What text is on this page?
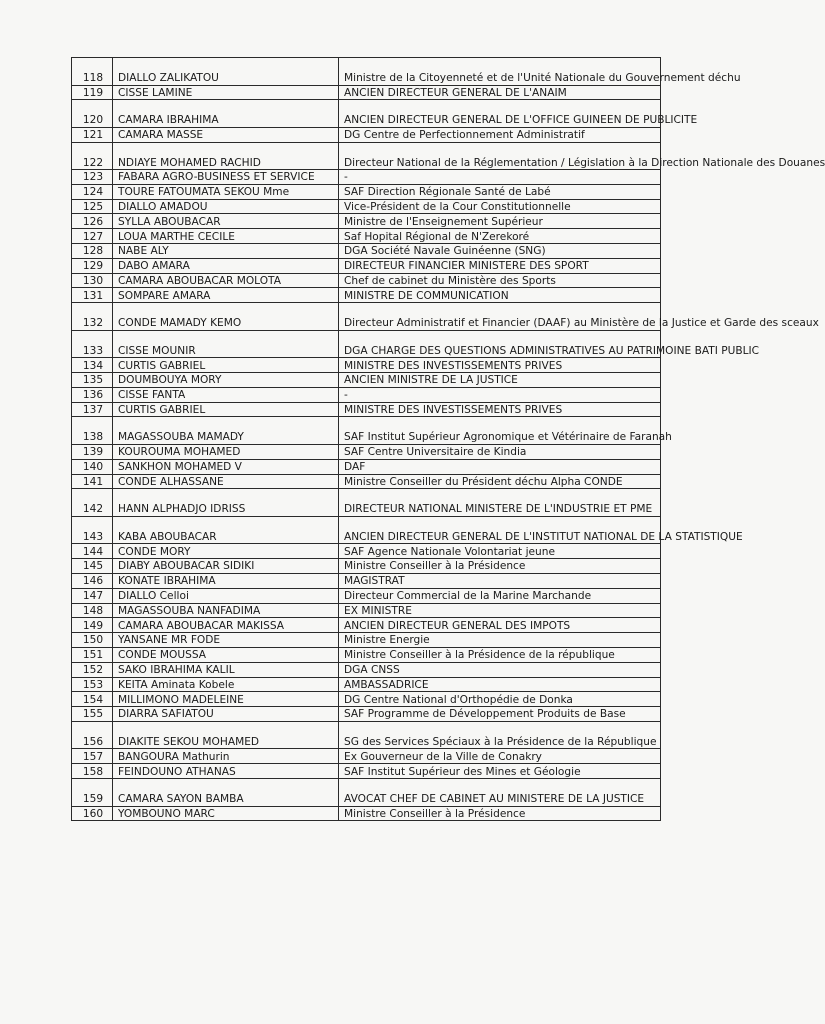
118	DIALLO ZALIKATOU	Ministre de la Citoyenneté et de l'Unité Nationale du Gouvernement déchu
119	CISSE LAMINE	ANCIEN DIRECTEUR GENERAL DE L'ANAIM
120	CAMARA IBRAHIMA	ANCIEN DIRECTEUR GENERAL DE L'OFFICE GUINEEN DE PUBLICITE
121	CAMARA MASSE	DG Centre de Perfectionnement Administratif
122	NDIAYE MOHAMED RACHID	Directeur National de la Réglementation / Législation à la Direction Nationale des Douanes
123	FABARA AGRO-BUSINESS ET SERVICE	-
124	TOURE FATOUMATA SEKOU Mme	SAF Direction Régionale Santé de Labé
125	DIALLO AMADOU	Vice-Président de la Cour Constitutionnelle
126	SYLLA ABOUBACAR	Ministre de l'Enseignement Supérieur
127	LOUA MARTHE CECILE	Saf Hopital Régional de N'Zerekoré
128	NABE ALY	DGA Société Navale Guinéenne (SNG)
129	DABO AMARA	DIRECTEUR FINANCIER MINISTERE DES SPORT
130	CAMARA ABOUBACAR MOLOTA	Chef de cabinet du Ministère des Sports
131	SOMPARE AMARA	MINISTRE DE COMMUNICATION
132	CONDE MAMADY KEMO	Directeur Administratif et Financier (DAAF) au Ministère de la Justice et Garde des sceaux
133	CISSE MOUNIR	DGA CHARGE DES QUESTIONS ADMINISTRATIVES AU PATRIMOINE BATI PUBLIC
134	CURTIS GABRIEL	MINISTRE DES INVESTISSEMENTS PRIVES
135	DOUMBOUYA MORY	ANCIEN MINISTRE DE LA JUSTICE
136	CISSE FANTA	-
137	CURTIS GABRIEL	MINISTRE DES INVESTISSEMENTS PRIVES
138	MAGASSOUBA MAMADY	SAF Institut Supérieur Agronomique et Vétérinaire de Faranah
139	KOUROUMA MOHAMED	SAF Centre Universitaire de Kindia
140	SANKHON MOHAMED V	DAF
141	CONDE ALHASSANE	Ministre Conseiller du Président déchu Alpha CONDE
142	HANN ALPHADJO IDRISS	DIRECTEUR NATIONAL MINISTERE DE L'INDUSTRIE ET PME
143	KABA ABOUBACAR	ANCIEN DIRECTEUR GENERAL DE L'INSTITUT NATIONAL DE LA STATISTIQUE
144	CONDE MORY	SAF Agence Nationale Volontariat jeune
145	DIABY ABOUBACAR SIDIKI	Ministre Conseiller à la Présidence
146	KONATE IBRAHIMA	MAGISTRAT
147	DIALLO Celloi	Directeur Commercial de la Marine Marchande
148	MAGASSOUBA NANFADIMA	EX MINISTRE
149	CAMARA ABOUBACAR MAKISSA	ANCIEN DIRECTEUR GENERAL DES IMPOTS
150	YANSANE MR FODE	Ministre Energie
151	CONDE MOUSSA	Ministre Conseiller à la Présidence de la république
152	SAKO IBRAHIMA KALIL	DGA CNSS
153	KEITA Aminata Kobele	AMBASSADRICE
154	MILLIMONO MADELEINE	DG Centre National d'Orthopédie de Donka
155	DIARRA SAFIATOU	SAF Programme de Développement Produits de Base
156	DIAKITE SEKOU MOHAMED	SG des Services Spéciaux à la Présidence de la République
157	BANGOURA Mathurin	Ex Gouverneur de la Ville de Conakry
158	FEINDOUNO ATHANAS	SAF Institut Supérieur des Mines et Géologie
159	CAMARA SAYON BAMBA	AVOCAT CHEF DE CABINET AU MINISTERE DE LA JUSTICE
160	YOMBOUNO MARC	Ministre Conseiller à la Présidence
